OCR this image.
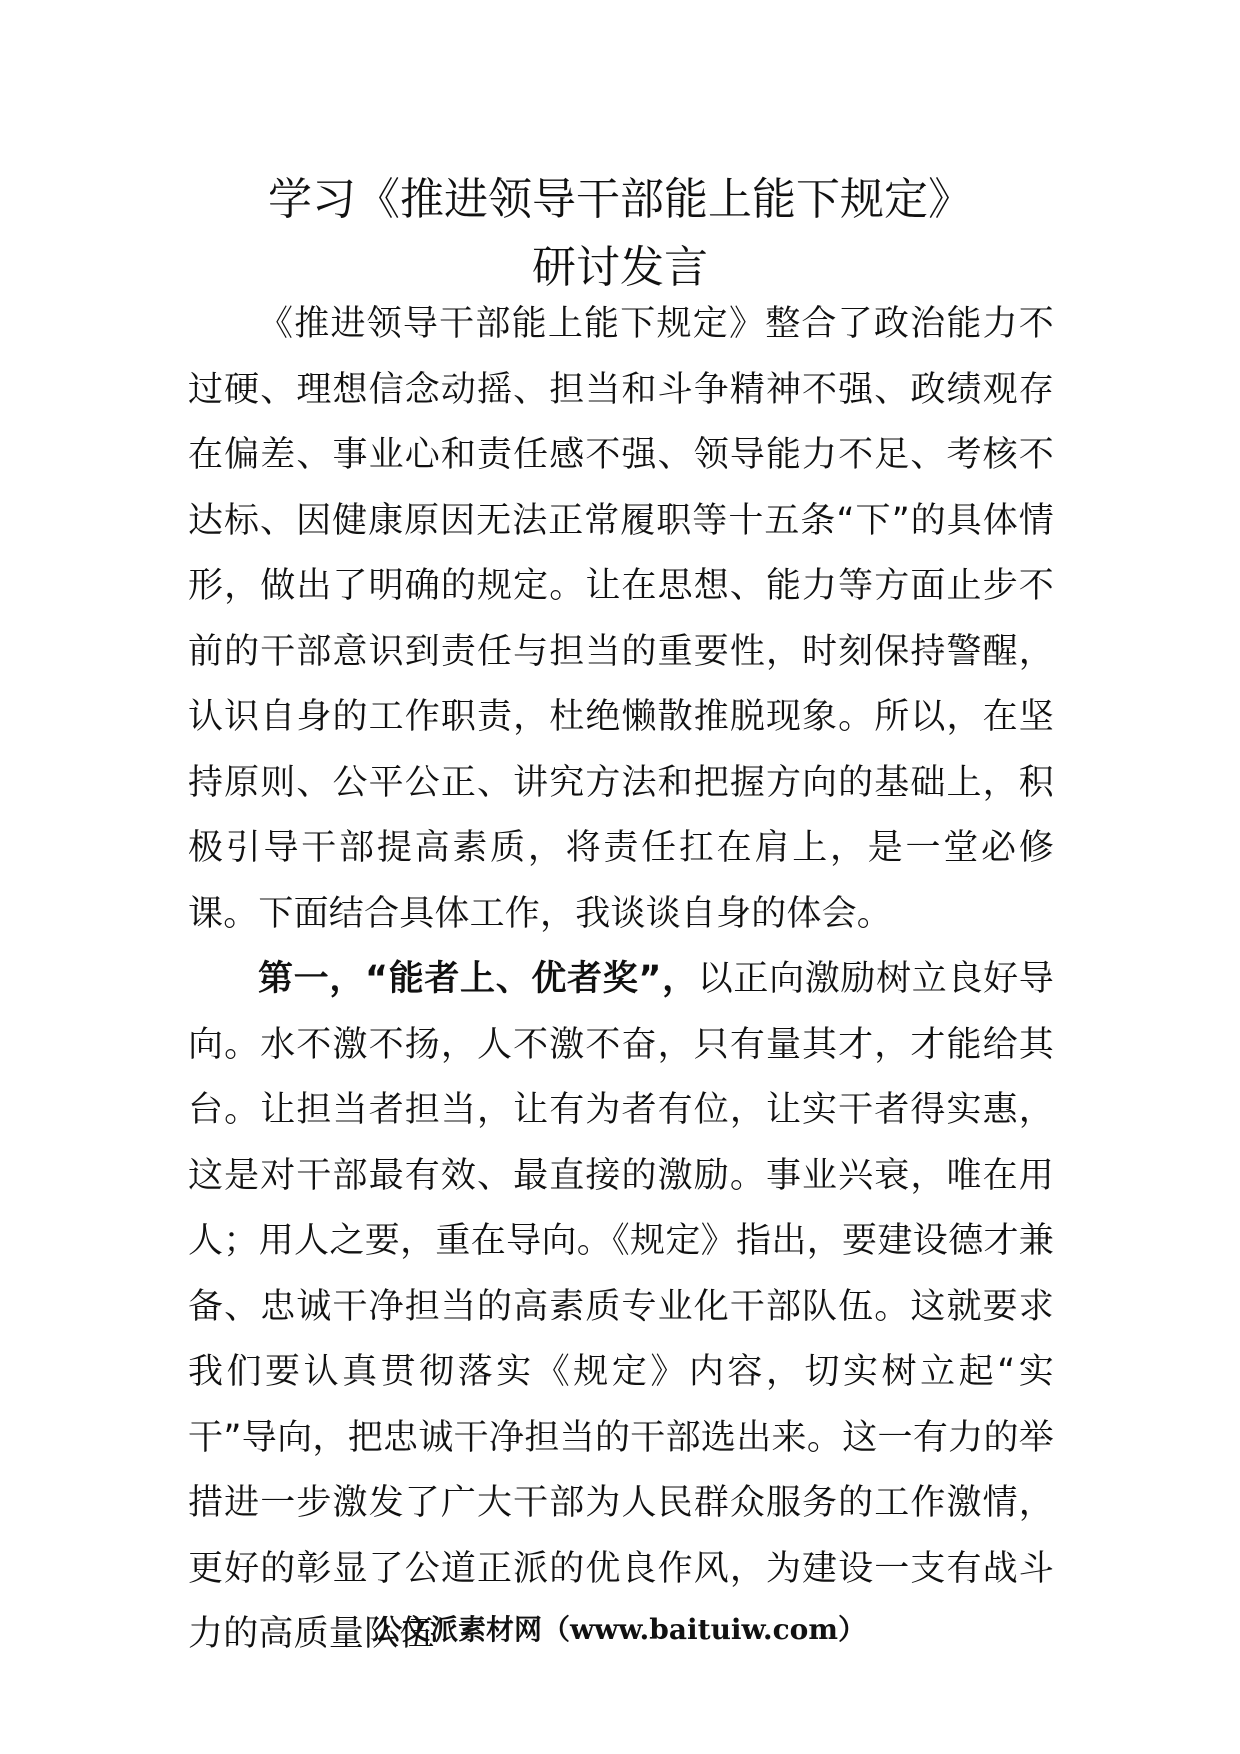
学习《推进领导干部能上能下规定》
研讨发言

《推进领导干部能上能下规定》整合了政治能力不过硬、理想信念动摇、担当和斗争精神不强、政绩观存在偏差、事业心和责任感不强、领导能力不足、考核不达标、因健康原因无法正常履职等十五条“下”的具体情形，做出了明确的规定。让在思想、能力等方面止步不前的干部意识到责任与担当的重要性，时刻保持警醒，认识自身的工作职责，杜绝懒散推脱现象。所以，在坚持原则、公平公正、讲究方法和把握方向的基础上，积极引导干部提高素质，将责任扛在肩上，是一堂必修课。下面结合具体工作，我谈谈自身的体会。

第一，“能者上、优者奖”，以正向激励树立良好导向。水不激不扬，人不激不奋，只有量其才，才能给其台。让担当者担当，让有为者有位，让实干者得实惠，这是对干部最有效、最直接的激励。事业兴衰，唯在用人；用人之要，重在导向。《规定》指出，要建设德才兼备、忠诚干净担当的高素质专业化干部队伍。这就要求我们要认真贯彻落实《规定》内容，切实树立起“实干”导向，把忠诚干净担当的干部选出来。这一有力的举措进一步激发了广大干部为人民群众服务的工作激情，更好的彰显了公道正派的优良作风，为建设一支有战斗力的高质量队伍

公文派素材网（www.baituiw.com）
